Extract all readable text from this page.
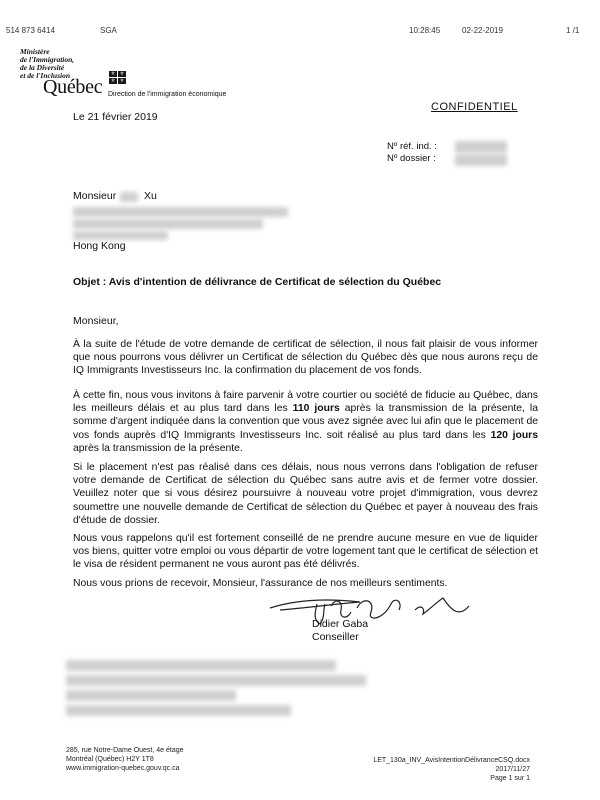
514 873 6414	SGA	10:28:45	02-22-2019	1 /1
Ministère
de l'Immigration,
de la Diversité
et de l'Inclusion
Québec
⚜ ⚜
⚜ ⚜
Direction de l'immigration économique
CONFIDENTIEL
Le 21 février 2019
Nº réf. ind. :
Nº dossier :
Monsieur	Xu
Hong Kong
Objet : Avis d'intention de délivrance de Certificat de sélection du Québec
Monsieur,
À la suite de l'étude de votre demande de certificat de sélection, il nous fait plaisir de vous informer que nous pourrons vous délivrer un Certificat de sélection du Québec dès que nous aurons reçu de IQ Immigrants Investisseurs Inc. la confirmation du placement de vos fonds.
À cette fin, nous vous invitons à faire parvenir à votre courtier ou société de fiducie au Québec, dans les meilleurs délais et au plus tard dans les 110 jours après la transmission de la présente, la somme d'argent indiquée dans la convention que vous avez signée avec lui afin que le placement de vos fonds auprès d'IQ Immigrants Investisseurs Inc. soit réalisé au plus tard dans les 120 jours après la transmission de la présente.
Si le placement n'est pas réalisé dans ces délais, nous nous verrons dans l'obligation de refuser votre demande de Certificat de sélection du Québec sans autre avis et de fermer votre dossier. Veuillez noter que si vous désirez poursuivre à nouveau votre projet d'immigration, vous devrez soumettre une nouvelle demande de Certificat de sélection du Québec et payer à nouveau des frais d'étude de dossier.
Nous vous rappelons qu'il est fortement conseillé de ne prendre aucune mesure en vue de liquider vos biens, quitter votre emploi ou vous départir de votre logement tant que le certificat de sélection et le visa de résident permanent ne vous auront pas été délivrés.
Nous vous prions de recevoir, Monsieur, l'assurance de nos meilleurs sentiments.
Didier Gaba
Conseiller
285, rue Notre-Dame Ouest, 4e étage
Montréal (Québec) H2Y 1T8
www.immigration-quebec.gouv.qc.ca
LET_130a_INV_AvisIntentionDélivranceCSQ.docx
2017/11/27
Page 1 sur 1
